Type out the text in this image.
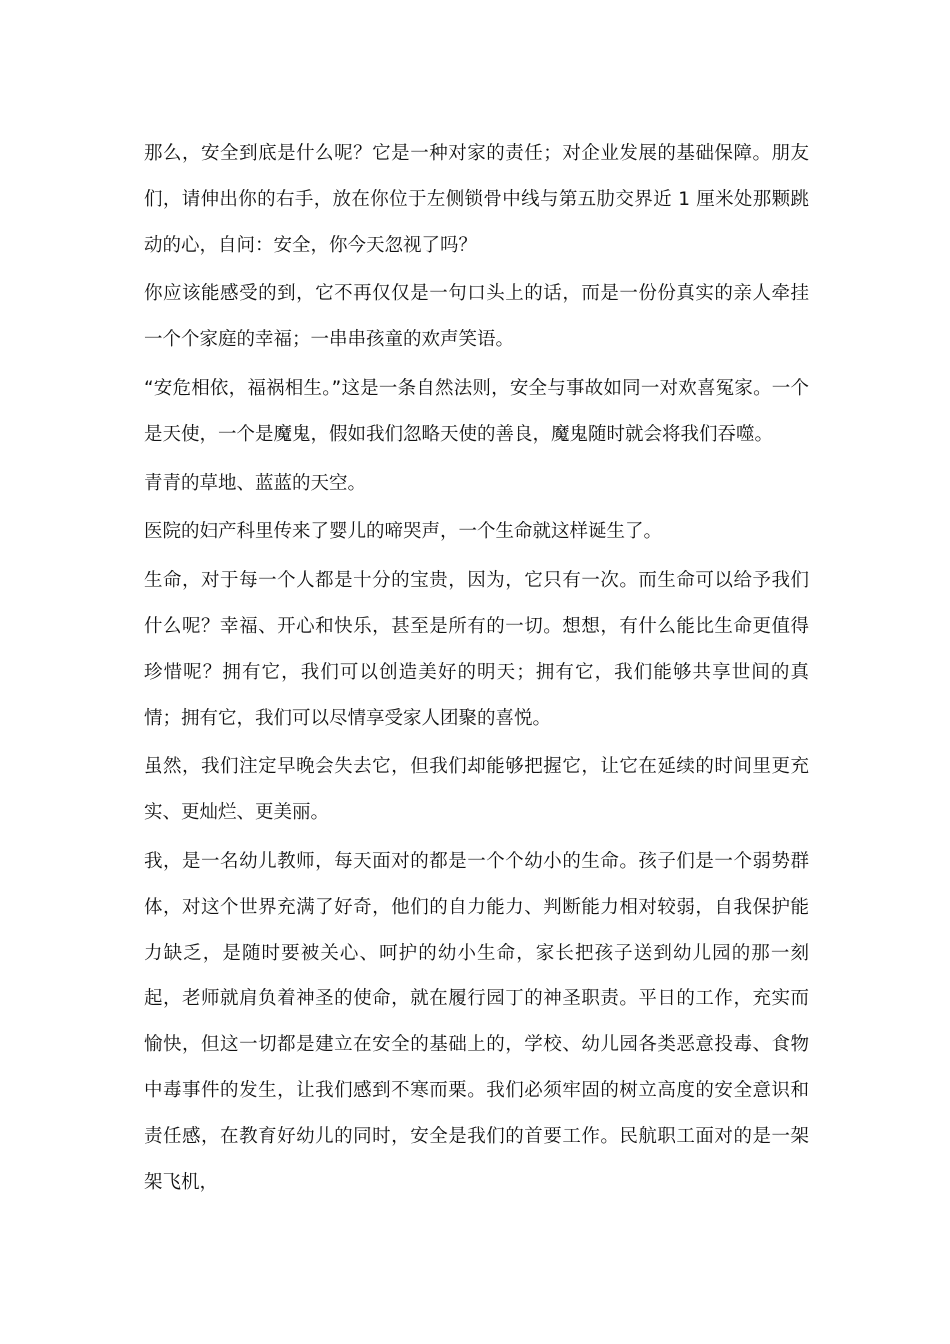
那么，安全到底是什么呢？它是一种对家的责任；对企业发展的基础保障。朋友们，请伸出你的右手，放在你位于左侧锁骨中线与第五肋交界近 1 厘米处那颗跳动的心，自问：安全，你今天忽视了吗？

你应该能感受的到，它不再仅仅是一句口头上的话，而是一份份真实的亲人牵挂一个个家庭的幸福；一串串孩童的欢声笑语。

“安危相依，福祸相生。”这是一条自然法则，安全与事故如同一对欢喜冤家。一个是天使，一个是魔鬼，假如我们忽略天使的善良，魔鬼随时就会将我们吞噬。

青青的草地、蓝蓝的天空。

医院的妇产科里传来了婴儿的啼哭声，一个生命就这样诞生了。

生命，对于每一个人都是十分的宝贵，因为，它只有一次。而生命可以给予我们什么呢？幸福、开心和快乐，甚至是所有的一切。想想，有什么能比生命更值得珍惜呢？拥有它，我们可以创造美好的明天；拥有它，我们能够共享世间的真情；拥有它，我们可以尽情享受家人团聚的喜悦。

虽然，我们注定早晚会失去它，但我们却能够把握它，让它在延续的时间里更充实、更灿烂、更美丽。

我，是一名幼儿教师，每天面对的都是一个个幼小的生命。孩子们是一个弱势群体，对这个世界充满了好奇，他们的自力能力、判断能力相对较弱，自我保护能力缺乏，是随时要被关心、呵护的幼小生命，家长把孩子送到幼儿园的那一刻起，老师就肩负着神圣的使命，就在履行园丁的神圣职责。平日的工作，充实而愉快，但这一切都是建立在安全的基础上的，学校、幼儿园各类恶意投毒、食物中毒事件的发生，让我们感到不寒而栗。我们必须牢固的树立高度的安全意识和责任感，在教育好幼儿的同时，安全是我们的首要工作。民航职工面对的是一架架飞机，
